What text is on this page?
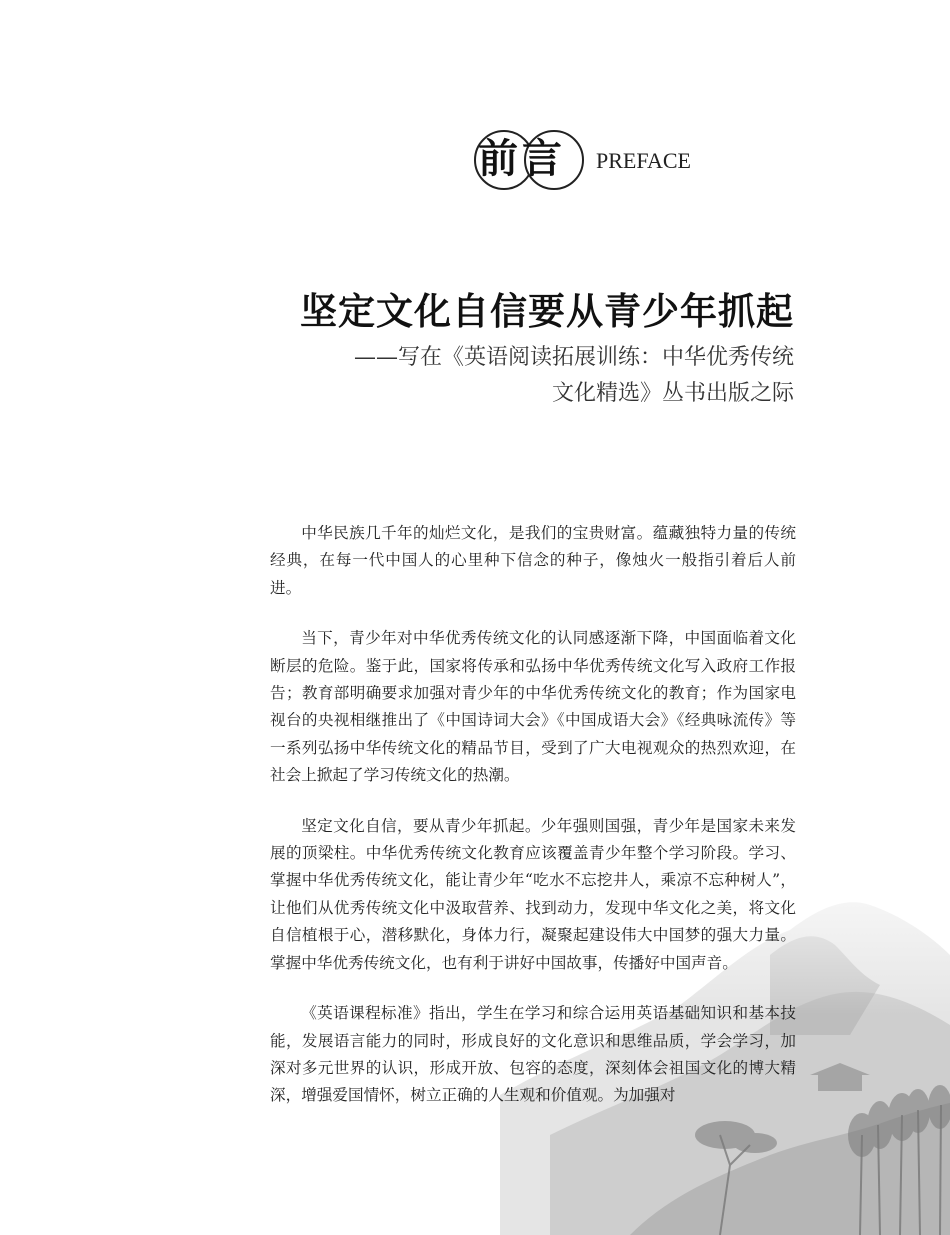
前言	PREFACE
坚定文化自信要从青少年抓起
——写在《英语阅读拓展训练：中华优秀传统
文化精选》丛书出版之际

中华民族几千年的灿烂文化，是我们的宝贵财富。蕴藏独特力量的传统经典，在每一代中国人的心里种下信念的种子，像烛火一般指引着后人前进。

当下，青少年对中华优秀传统文化的认同感逐渐下降，中国面临着文化断层的危险。鉴于此，国家将传承和弘扬中华优秀传统文化写入政府工作报告；教育部明确要求加强对青少年的中华优秀传统文化的教育；作为国家电视台的央视相继推出了《中国诗词大会》《中国成语大会》《经典咏流传》等一系列弘扬中华传统文化的精品节目，受到了广大电视观众的热烈欢迎，在社会上掀起了学习传统文化的热潮。

坚定文化自信，要从青少年抓起。少年强则国强，青少年是国家未来发展的顶梁柱。中华优秀传统文化教育应该覆盖青少年整个学习阶段。学习、掌握中华优秀传统文化，能让青少年“吃水不忘挖井人，乘凉不忘种树人”，让他们从优秀传统文化中汲取营养、找到动力，发现中华文化之美，将文化自信植根于心，潜移默化，身体力行，凝聚起建设伟大中国梦的强大力量。掌握中华优秀传统文化，也有利于讲好中国故事，传播好中国声音。

《英语课程标准》指出，学生在学习和综合运用英语基础知识和基本技能，发展语言能力的同时，形成良好的文化意识和思维品质，学会学习，加深对多元世界的认识，形成开放、包容的态度，深刻体会祖国文化的博大精深，增强爱国情怀，树立正确的人生观和价值观。为加强对
